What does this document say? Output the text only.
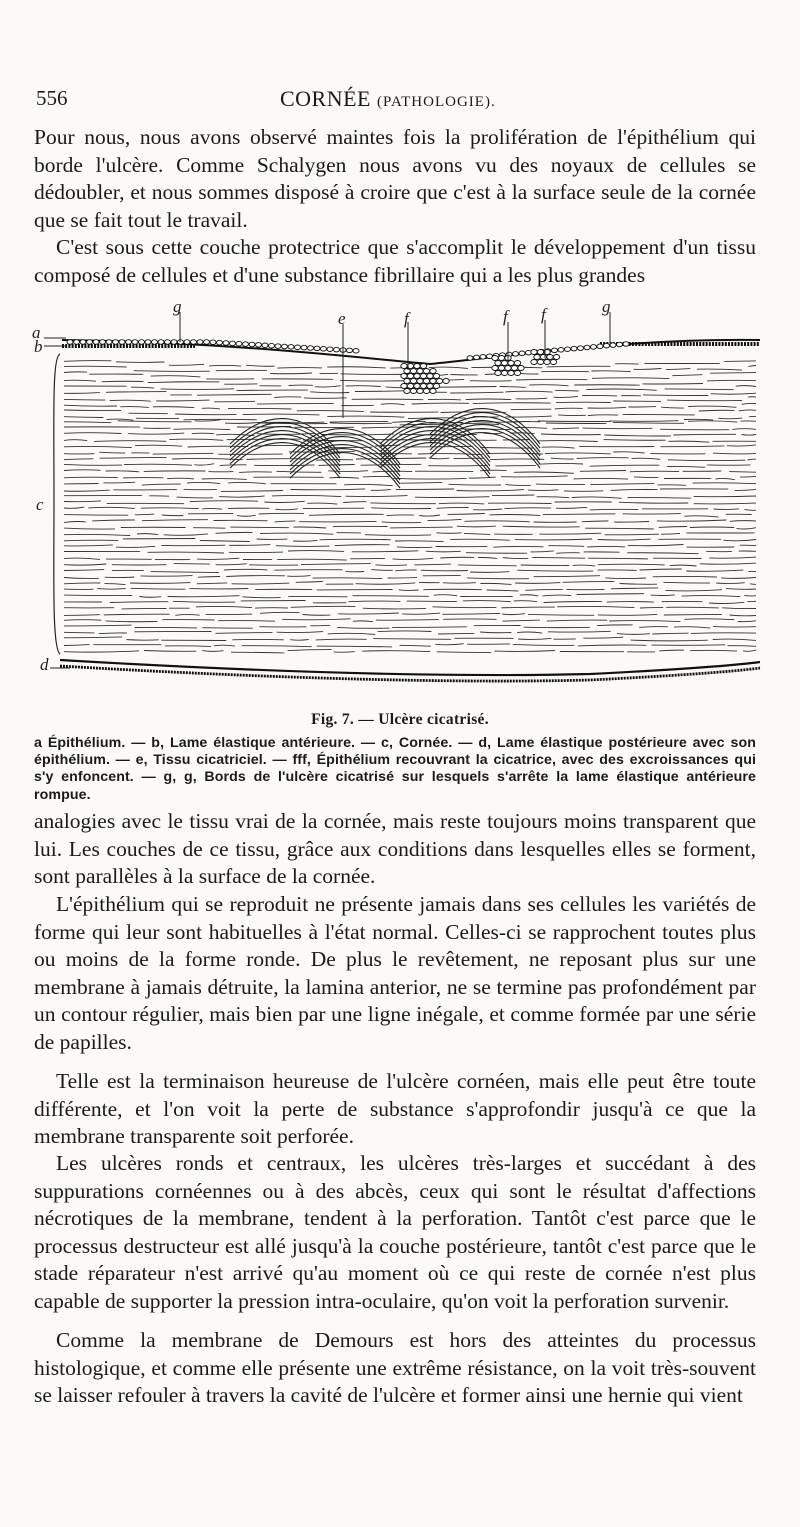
556	CORNÉE (PATHOLOGIE).

Pour nous, nous avons observé maintes fois la prolifération de l'épithélium qui borde l'ulcère. Comme Schalygen nous avons vu des noyaux de cellules se dédoubler, et nous sommes disposé à croire que c'est à la surface seule de la cornée que se fait tout le travail.

C'est sous cette couche protectrice que s'accomplit le développement d'un tissu composé de cellules et d'une substance fibrillaire qui a les plus grandes

g
e	f	f f	g
a
b
c
d
Fig. 7. — Ulcère cicatrisé.

a Épithélium. — b, Lame élastique antérieure. — c, Cornée. — d, Lame élastique postérieure avec son épithélium. — e, Tissu cicatriciel. — fff, Épithélium recouvrant la cicatrice, avec des excroissances qui s'y enfoncent. — g, g, Bords de l'ulcère cicatrisé sur lesquels s'arrête la lame élastique antérieure rompue.

analogies avec le tissu vrai de la cornée, mais reste toujours moins transparent que lui. Les couches de ce tissu, grâce aux conditions dans lesquelles elles se forment, sont parallèles à la surface de la cornée.

L'épithélium qui se reproduit ne présente jamais dans ses cellules les variétés de forme qui leur sont habituelles à l'état normal. Celles-ci se rapprochent toutes plus ou moins de la forme ronde. De plus le revêtement, ne reposant plus sur une membrane à jamais détruite, la lamina anterior, ne se termine pas profondément par un contour régulier, mais bien par une ligne inégale, et comme formée par une série de papilles.

Telle est la terminaison heureuse de l'ulcère cornéen, mais elle peut être toute différente, et l'on voit la perte de substance s'approfondir jusqu'à ce que la membrane transparente soit perforée.

Les ulcères ronds et centraux, les ulcères très-larges et succédant à des suppurations cornéennes ou à des abcès, ceux qui sont le résultat d'affections nécrotiques de la membrane, tendent à la perforation. Tantôt c'est parce que le processus destructeur est allé jusqu'à la couche postérieure, tantôt c'est parce que le stade réparateur n'est arrivé qu'au moment où ce qui reste de cornée n'est plus capable de supporter la pression intra-oculaire, qu'on voit la perforation survenir.

Comme la membrane de Demours est hors des atteintes du processus histologique, et comme elle présente une extrême résistance, on la voit très-souvent se laisser refouler à travers la cavité de l'ulcère et former ainsi une hernie qui vient
